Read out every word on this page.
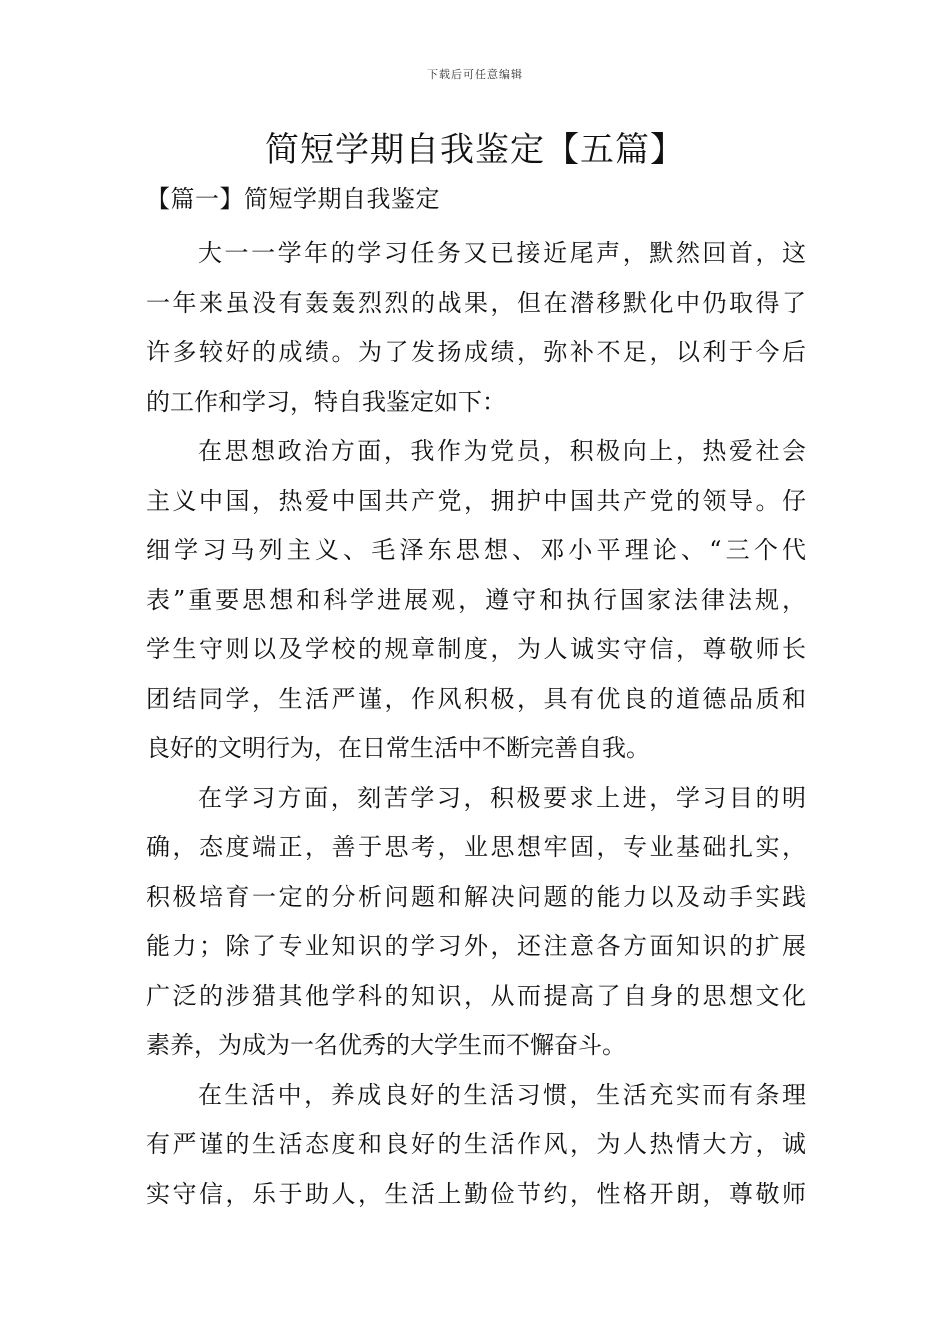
下载后可任意编辑
简短学期自我鉴定【五篇】
【篇一】简短学期自我鉴定

大一一学年的学习任务又已接近尾声，默然回首，这
一年来虽没有轰轰烈烈的战果，但在潜移默化中仍取得了
许多较好的成绩。为了发扬成绩，弥补不足，以利于今后
的工作和学习，特自我鉴定如下：

在思想政治方面，我作为党员，积极向上，热爱社会
主义中国，热爱中国共产党，拥护中国共产党的领导。仔
细学习马列主义、毛泽东思想、邓小平理论、“三个代
表”重要思想和科学进展观，遵守和执行国家法律法规，
学生守则以及学校的规章制度，为人诚实守信，尊敬师长
团结同学，生活严谨，作风积极，具有优良的道德品质和
良好的文明行为，在日常生活中不断完善自我。

在学习方面，刻苦学习，积极要求上进，学习目的明
确，态度端正，善于思考，业思想牢固，专业基础扎实，
积极培育一定的分析问题和解决问题的能力以及动手实践
能力；除了专业知识的学习外，还注意各方面知识的扩展
广泛的涉猎其他学科的知识，从而提高了自身的思想文化
素养，为成为一名优秀的大学生而不懈奋斗。

在生活中，养成良好的生活习惯，生活充实而有条理
有严谨的生活态度和良好的生活作风，为人热情大方，诚
实守信，乐于助人，生活上勤俭节约，性格开朗，尊敬师
